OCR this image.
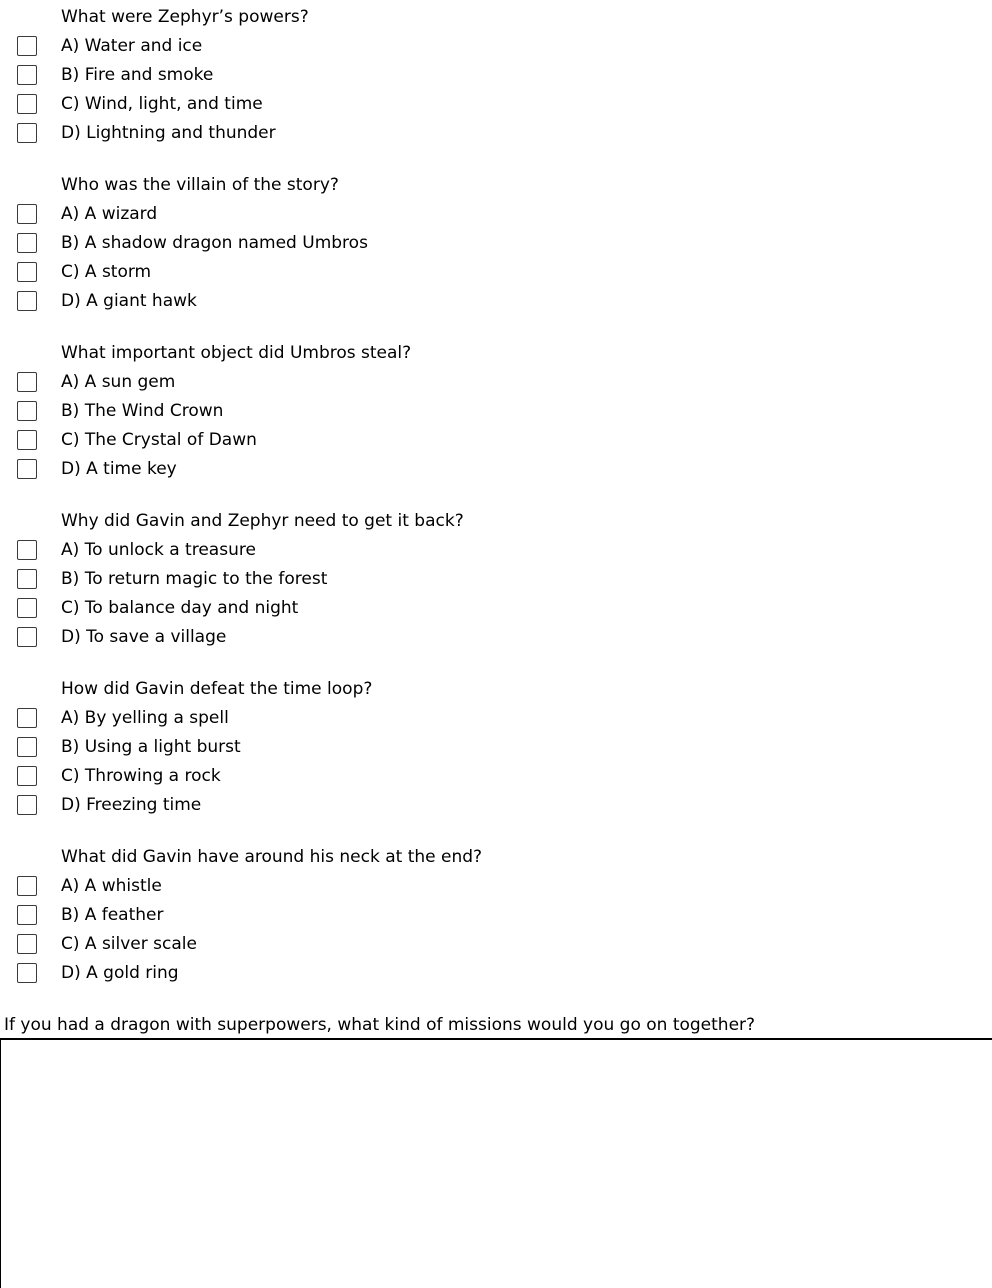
What were Zephyr’s powers?
A) Water and ice
B) Fire and smoke
C) Wind, light, and time
D) Lightning and thunder
Who was the villain of the story?
A) A wizard
B) A shadow dragon named Umbros
C) A storm
D) A giant hawk
What important object did Umbros steal?
A) A sun gem
B) The Wind Crown
C) The Crystal of Dawn
D) A time key
Why did Gavin and Zephyr need to get it back?
A) To unlock a treasure
B) To return magic to the forest
C) To balance day and night
D) To save a village
How did Gavin defeat the time loop?
A) By yelling a spell
B) Using a light burst
C) Throwing a rock
D) Freezing time
What did Gavin have around his neck at the end?
A) A whistle
B) A feather
C) A silver scale
D) A gold ring
If you had a dragon with superpowers, what kind of missions would you go on together?
